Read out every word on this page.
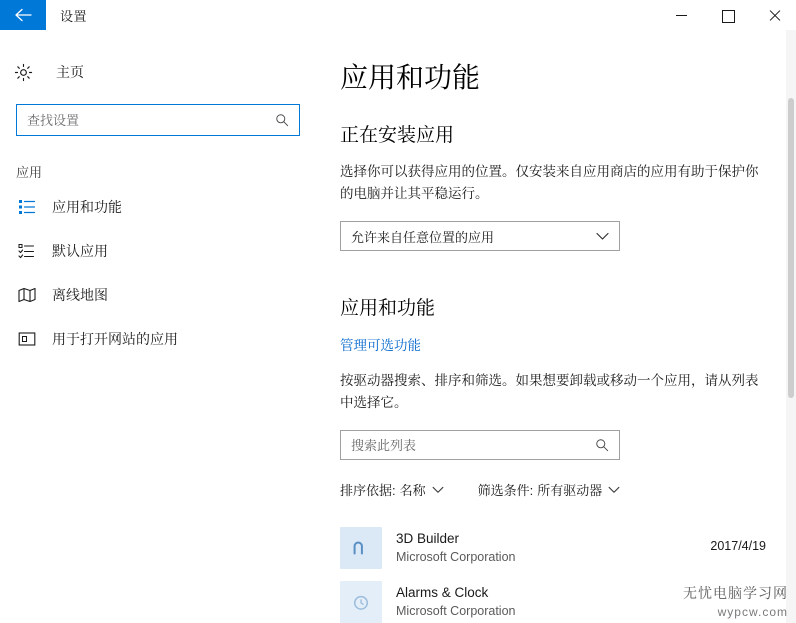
设置
主页
查找设置
应用
应用和功能
默认应用
离线地图
用于打开网站的应用
应用和功能
正在安装应用

选择你可以获得应用的位置。仅安装来自应用商店的应用有助于保护你的电脑并让其平稳运行。

允许来自任意位置的应用
应用和功能
管理可选功能

按驱动器搜索、排序和筛选。如果想要卸载或移动一个应用，请从列表中选择它。

搜索此列表
排序依据: 名称	筛选条件: 所有驱动器
3D Builder
Microsoft Corporation
2017/4/19
Alarms & Clock
Microsoft Corporation
无忧电脑学习网
wypcw.com
